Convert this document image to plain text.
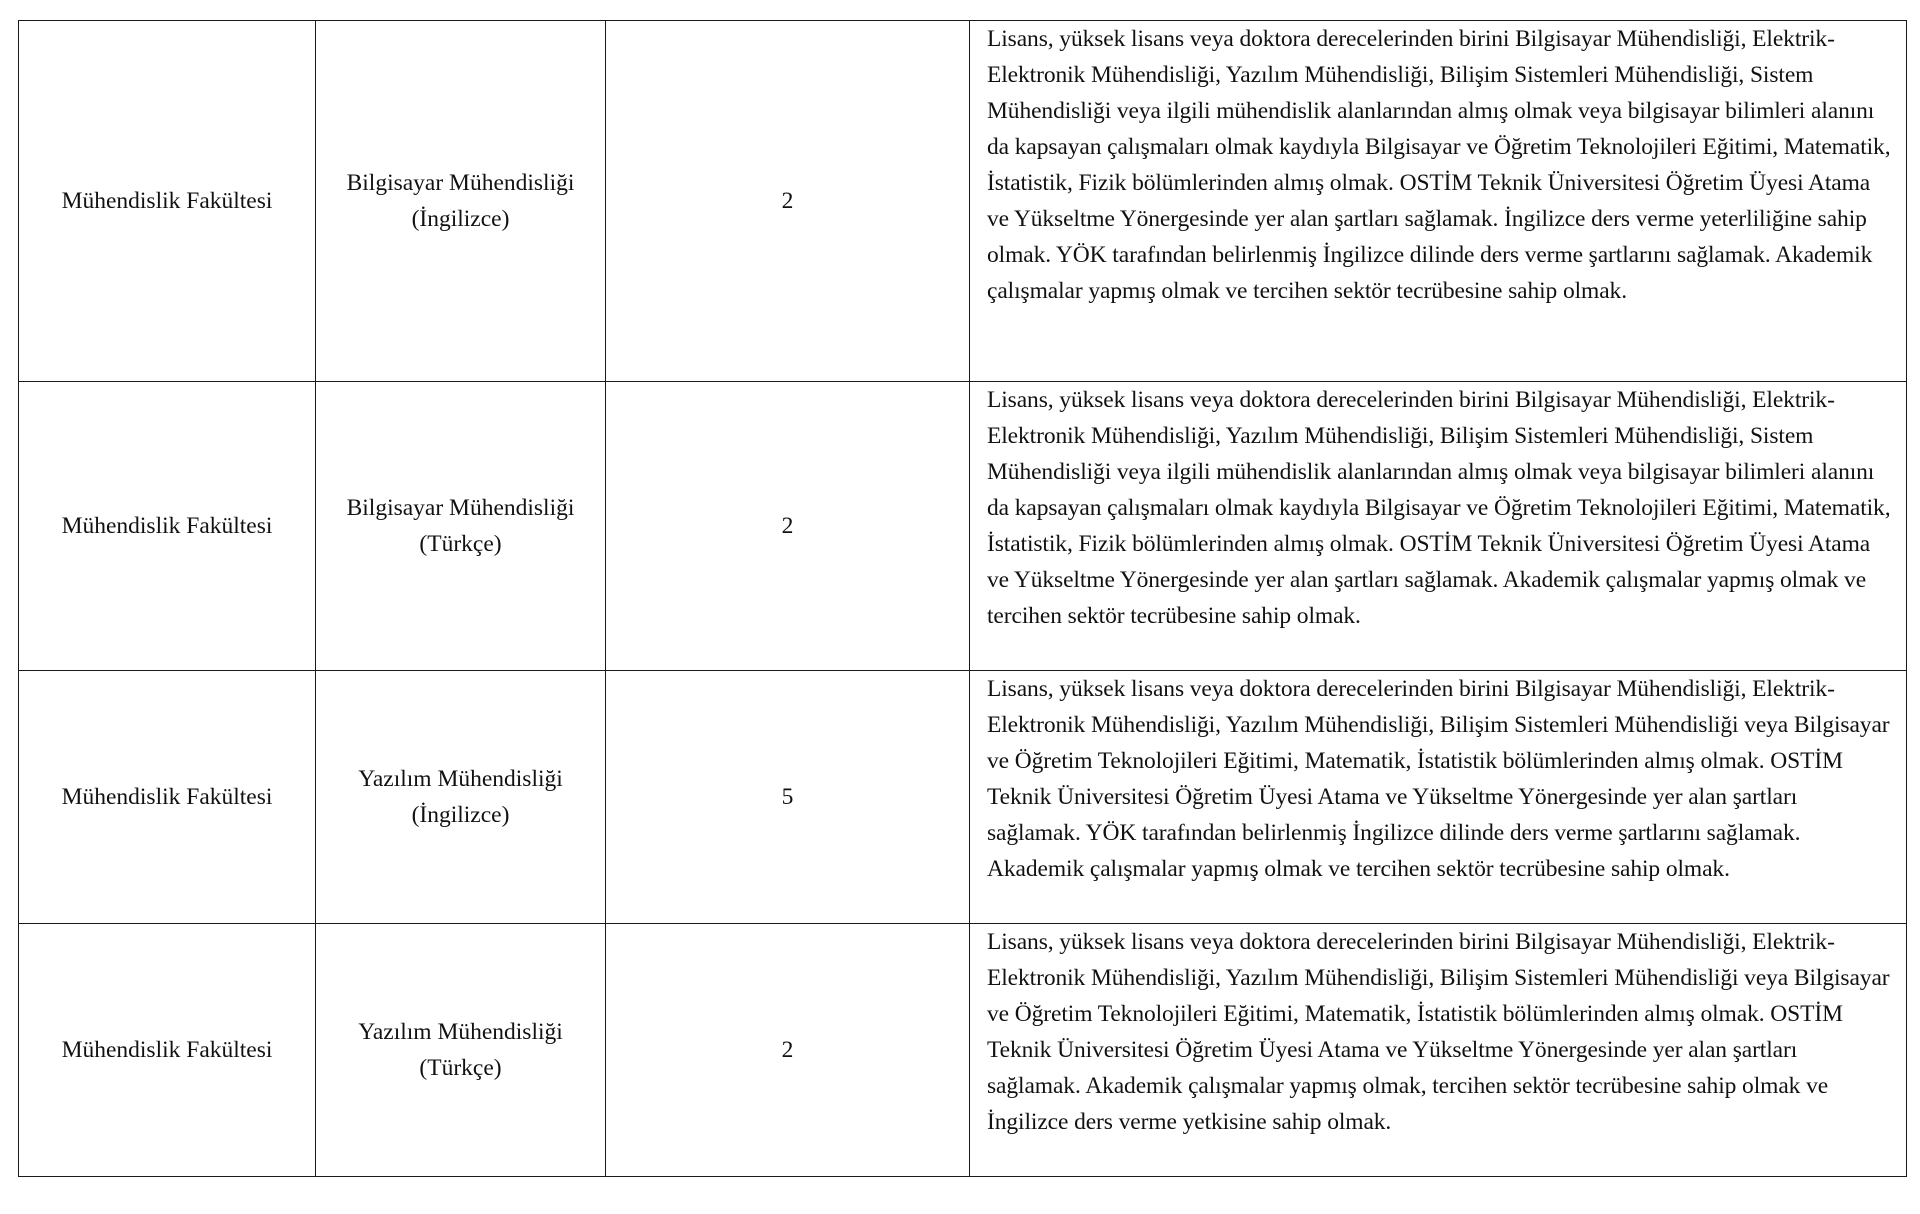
Mühendislik Fakültesi	Bilgisayar Mühendisliği (İngilizce)	2	Lisans, yüksek lisans veya doktora derecelerinden birini Bilgisayar Mühendisliği, Elektrik- Elektronik Mühendisliği, Yazılım Mühendisliği, Bilişim Sistemleri Mühendisliği, Sistem Mühendisliği veya ilgili mühendislik alanlarından almış olmak veya bilgisayar bilimleri alanını da kapsayan çalışmaları olmak kaydıyla Bilgisayar ve Öğretim Teknolojileri Eğitimi, Matematik, İstatistik, Fizik bölümlerinden almış olmak. OSTİM Teknik Üniversitesi Öğretim Üyesi Atama ve Yükseltme Yönergesinde yer alan şartları sağlamak. İngilizce ders verme yeterliliğine sahip olmak. YÖK tarafından belirlenmiş İngilizce dilinde ders verme şartlarını sağlamak. Akademik çalışmalar yapmış olmak ve tercihen sektör tecrübesine sahip olmak.
Mühendislik Fakültesi	Bilgisayar Mühendisliği (Türkçe)	2	Lisans, yüksek lisans veya doktora derecelerinden birini Bilgisayar Mühendisliği, Elektrik- Elektronik Mühendisliği, Yazılım Mühendisliği, Bilişim Sistemleri Mühendisliği, Sistem Mühendisliği veya ilgili mühendislik alanlarından almış olmak veya bilgisayar bilimleri alanını da kapsayan çalışmaları olmak kaydıyla Bilgisayar ve Öğretim Teknolojileri Eğitimi, Matematik, İstatistik, Fizik bölümlerinden almış olmak. OSTİM Teknik Üniversitesi Öğretim Üyesi Atama ve Yükseltme Yönergesinde yer alan şartları sağlamak. Akademik çalışmalar yapmış olmak ve tercihen sektör tecrübesine sahip olmak.
Mühendislik Fakültesi	Yazılım Mühendisliği (İngilizce)	5	Lisans, yüksek lisans veya doktora derecelerinden birini Bilgisayar Mühendisliği, Elektrik- Elektronik Mühendisliği, Yazılım Mühendisliği, Bilişim Sistemleri Mühendisliği veya Bilgisayar ve Öğretim Teknolojileri Eğitimi, Matematik, İstatistik bölümlerinden almış olmak. OSTİM Teknik Üniversitesi Öğretim Üyesi Atama ve Yükseltme Yönergesinde yer alan şartları sağlamak. YÖK tarafından belirlenmiş İngilizce dilinde ders verme şartlarını sağlamak. Akademik çalışmalar yapmış olmak ve tercihen sektör tecrübesine sahip olmak.
Mühendislik Fakültesi	Yazılım Mühendisliği (Türkçe)	2	Lisans, yüksek lisans veya doktora derecelerinden birini Bilgisayar Mühendisliği, Elektrik- Elektronik Mühendisliği, Yazılım Mühendisliği, Bilişim Sistemleri Mühendisliği veya Bilgisayar ve Öğretim Teknolojileri Eğitimi, Matematik, İstatistik bölümlerinden almış olmak. OSTİM Teknik Üniversitesi Öğretim Üyesi Atama ve Yükseltme Yönergesinde yer alan şartları sağlamak. Akademik çalışmalar yapmış olmak, tercihen sektör tecrübesine sahip olmak ve İngilizce ders verme yetkisine sahip olmak.
